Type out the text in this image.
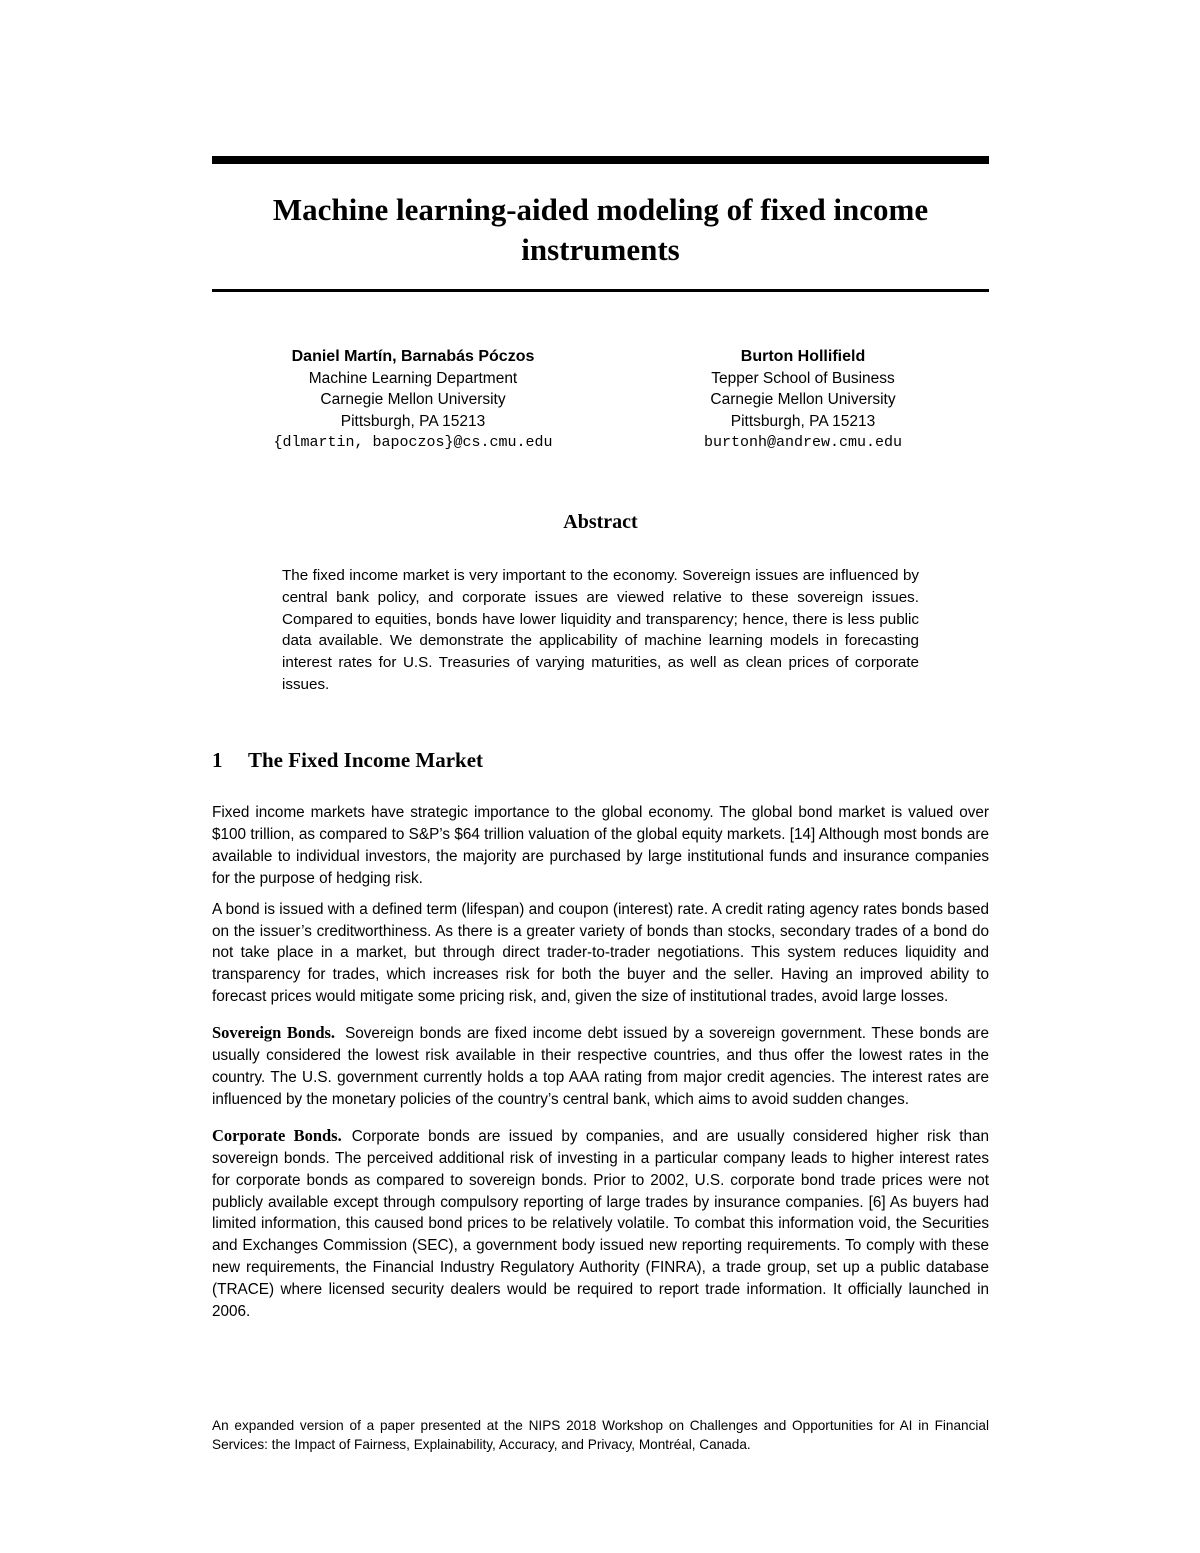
Machine learning-aided modeling of fixed income instruments
Daniel Martín, Barnabás Póczos
Machine Learning Department
Carnegie Mellon University
Pittsburgh, PA 15213
{dlmartin, bapoczos}@cs.cmu.edu
Burton Hollifield
Tepper School of Business
Carnegie Mellon University
Pittsburgh, PA 15213
burtonh@andrew.cmu.edu
Abstract
The fixed income market is very important to the economy. Sovereign issues are influenced by central bank policy, and corporate issues are viewed relative to these sovereign issues. Compared to equities, bonds have lower liquidity and transparency; hence, there is less public data available. We demonstrate the applicability of machine learning models in forecasting interest rates for U.S. Treasuries of varying maturities, as well as clean prices of corporate issues.
1 The Fixed Income Market

Fixed income markets have strategic importance to the global economy. The global bond market is valued over $100 trillion, as compared to S&P’s $64 trillion valuation of the global equity markets. [14] Although most bonds are available to individual investors, the majority are purchased by large institutional funds and insurance companies for the purpose of hedging risk.

A bond is issued with a defined term (lifespan) and coupon (interest) rate. A credit rating agency rates bonds based on the issuer’s creditworthiness. As there is a greater variety of bonds than stocks, secondary trades of a bond do not take place in a market, but through direct trader-to-trader negotiations. This system reduces liquidity and transparency for trades, which increases risk for both the buyer and the seller. Having an improved ability to forecast prices would mitigate some pricing risk, and, given the size of institutional trades, avoid large losses.

Sovereign Bonds. Sovereign bonds are fixed income debt issued by a sovereign government. These bonds are usually considered the lowest risk available in their respective countries, and thus offer the lowest rates in the country. The U.S. government currently holds a top AAA rating from major credit agencies. The interest rates are influenced by the monetary policies of the country’s central bank, which aims to avoid sudden changes.

Corporate Bonds. Corporate bonds are issued by companies, and are usually considered higher risk than sovereign bonds. The perceived additional risk of investing in a particular company leads to higher interest rates for corporate bonds as compared to sovereign bonds. Prior to 2002, U.S. corporate bond trade prices were not publicly available except through compulsory reporting of large trades by insurance companies. [6] As buyers had limited information, this caused bond prices to be relatively volatile. To combat this information void, the Securities and Exchanges Commission (SEC), a government body issued new reporting requirements. To comply with these new requirements, the Financial Industry Regulatory Authority (FINRA), a trade group, set up a public database (TRACE) where licensed security dealers would be required to report trade information. It officially launched in 2006.

An expanded version of a paper presented at the NIPS 2018 Workshop on Challenges and Opportunities for AI in Financial Services: the Impact of Fairness, Explainability, Accuracy, and Privacy, Montréal, Canada.
